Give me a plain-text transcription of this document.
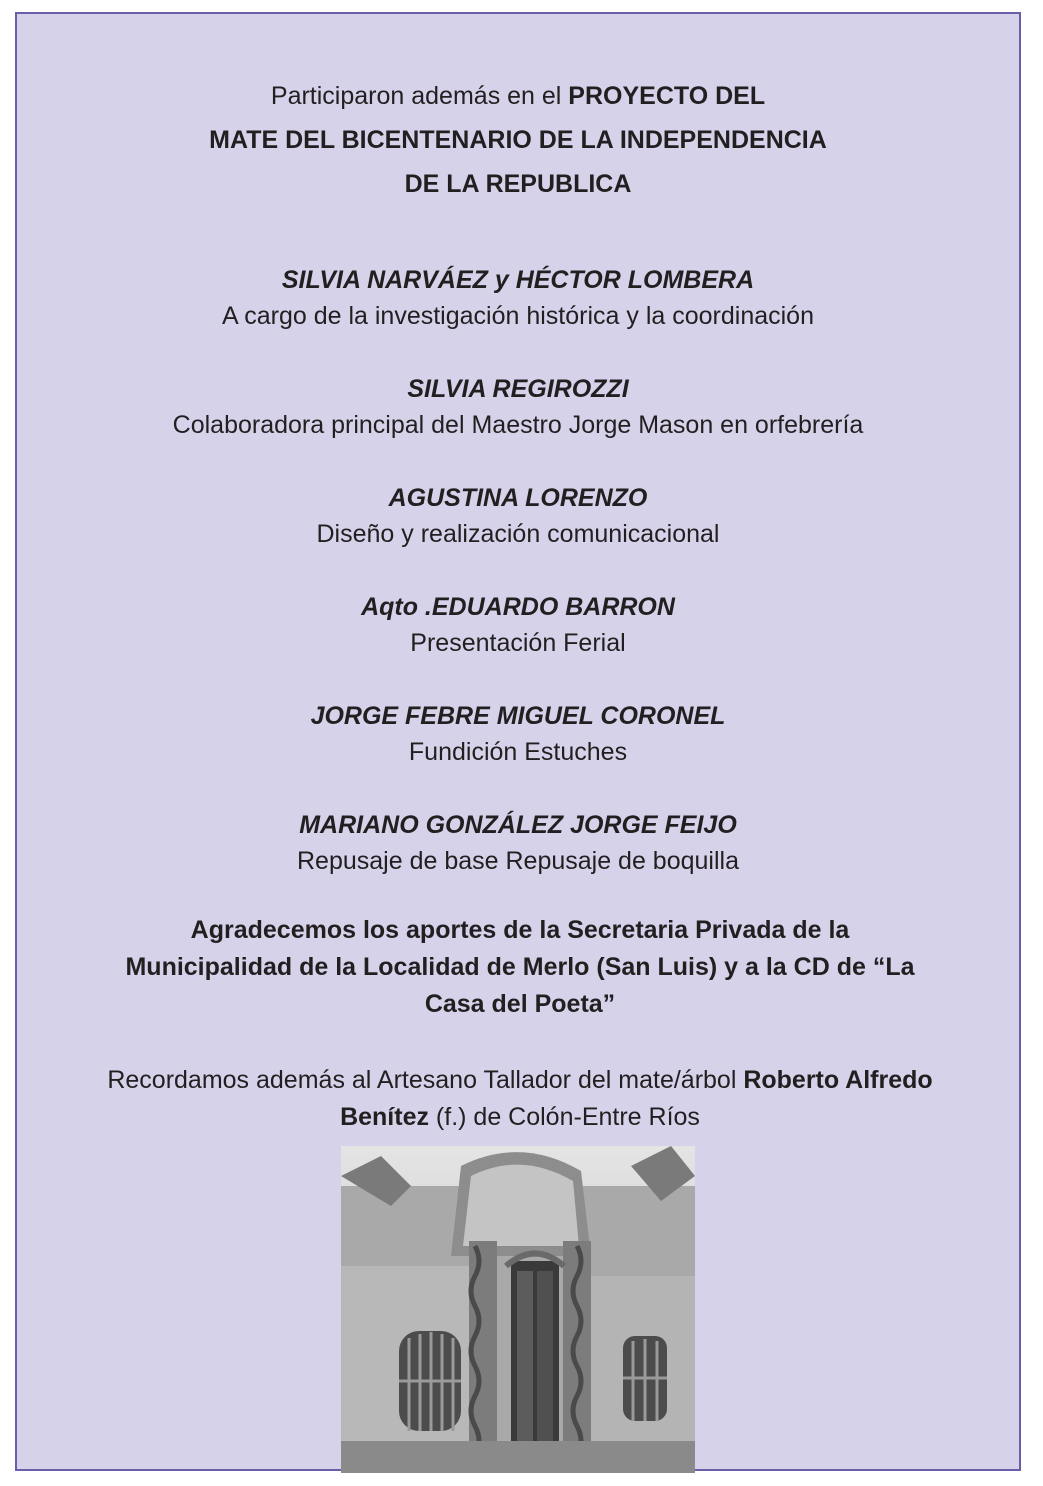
Participaron además en el PROYECTO DEL
MATE DEL BICENTENARIO DE LA INDEPENDENCIA
DE LA REPUBLICA
SILVIA NARVÁEZ y HÉCTOR LOMBERA
A cargo de la investigación histórica y la coordinación
SILVIA REGIROZZI
Colaboradora principal del Maestro Jorge Mason en orfebrería
AGUSTINA LORENZO
Diseño y realización comunicacional
Aqto .EDUARDO BARRON
Presentación Ferial
JORGE FEBRE MIGUEL CORONEL
Fundición Estuches
MARIANO GONZÁLEZ JORGE FEIJO
Repusaje de base Repusaje de boquilla
Agradecemos los aportes de la Secretaria Privada de la
Municipalidad de la Localidad de Merlo (San Luis) y a la CD de “La
Casa del Poeta”
Recordamos además al Artesano Tallador del mate/árbol Roberto Alfredo
Benítez (f.) de Colón-Entre Ríos
